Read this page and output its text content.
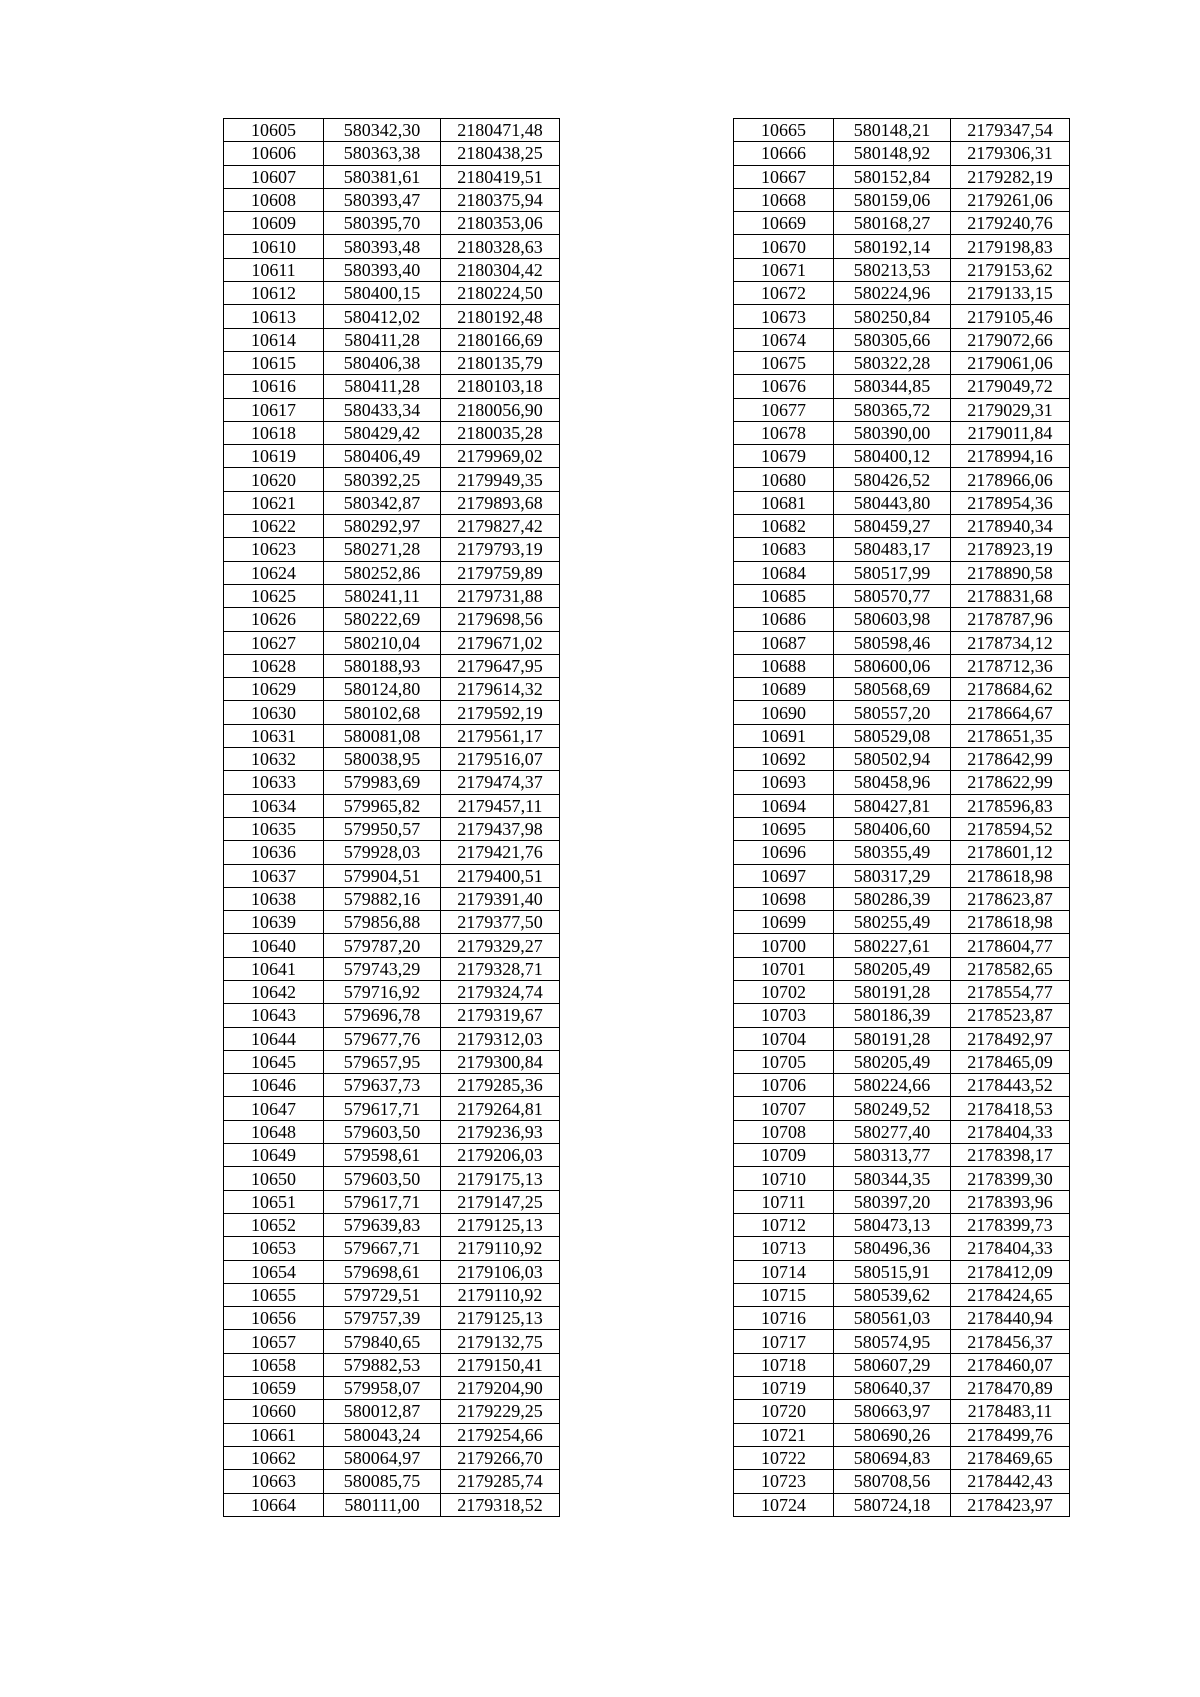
10605	580342,30	2180471,48
10606	580363,38	2180438,25
10607	580381,61	2180419,51
10608	580393,47	2180375,94
10609	580395,70	2180353,06
10610	580393,48	2180328,63
10611	580393,40	2180304,42
10612	580400,15	2180224,50
10613	580412,02	2180192,48
10614	580411,28	2180166,69
10615	580406,38	2180135,79
10616	580411,28	2180103,18
10617	580433,34	2180056,90
10618	580429,42	2180035,28
10619	580406,49	2179969,02
10620	580392,25	2179949,35
10621	580342,87	2179893,68
10622	580292,97	2179827,42
10623	580271,28	2179793,19
10624	580252,86	2179759,89
10625	580241,11	2179731,88
10626	580222,69	2179698,56
10627	580210,04	2179671,02
10628	580188,93	2179647,95
10629	580124,80	2179614,32
10630	580102,68	2179592,19
10631	580081,08	2179561,17
10632	580038,95	2179516,07
10633	579983,69	2179474,37
10634	579965,82	2179457,11
10635	579950,57	2179437,98
10636	579928,03	2179421,76
10637	579904,51	2179400,51
10638	579882,16	2179391,40
10639	579856,88	2179377,50
10640	579787,20	2179329,27
10641	579743,29	2179328,71
10642	579716,92	2179324,74
10643	579696,78	2179319,67
10644	579677,76	2179312,03
10645	579657,95	2179300,84
10646	579637,73	2179285,36
10647	579617,71	2179264,81
10648	579603,50	2179236,93
10649	579598,61	2179206,03
10650	579603,50	2179175,13
10651	579617,71	2179147,25
10652	579639,83	2179125,13
10653	579667,71	2179110,92
10654	579698,61	2179106,03
10655	579729,51	2179110,92
10656	579757,39	2179125,13
10657	579840,65	2179132,75
10658	579882,53	2179150,41
10659	579958,07	2179204,90
10660	580012,87	2179229,25
10661	580043,24	2179254,66
10662	580064,97	2179266,70
10663	580085,75	2179285,74
10664	580111,00	2179318,52
10665	580148,21	2179347,54
10666	580148,92	2179306,31
10667	580152,84	2179282,19
10668	580159,06	2179261,06
10669	580168,27	2179240,76
10670	580192,14	2179198,83
10671	580213,53	2179153,62
10672	580224,96	2179133,15
10673	580250,84	2179105,46
10674	580305,66	2179072,66
10675	580322,28	2179061,06
10676	580344,85	2179049,72
10677	580365,72	2179029,31
10678	580390,00	2179011,84
10679	580400,12	2178994,16
10680	580426,52	2178966,06
10681	580443,80	2178954,36
10682	580459,27	2178940,34
10683	580483,17	2178923,19
10684	580517,99	2178890,58
10685	580570,77	2178831,68
10686	580603,98	2178787,96
10687	580598,46	2178734,12
10688	580600,06	2178712,36
10689	580568,69	2178684,62
10690	580557,20	2178664,67
10691	580529,08	2178651,35
10692	580502,94	2178642,99
10693	580458,96	2178622,99
10694	580427,81	2178596,83
10695	580406,60	2178594,52
10696	580355,49	2178601,12
10697	580317,29	2178618,98
10698	580286,39	2178623,87
10699	580255,49	2178618,98
10700	580227,61	2178604,77
10701	580205,49	2178582,65
10702	580191,28	2178554,77
10703	580186,39	2178523,87
10704	580191,28	2178492,97
10705	580205,49	2178465,09
10706	580224,66	2178443,52
10707	580249,52	2178418,53
10708	580277,40	2178404,33
10709	580313,77	2178398,17
10710	580344,35	2178399,30
10711	580397,20	2178393,96
10712	580473,13	2178399,73
10713	580496,36	2178404,33
10714	580515,91	2178412,09
10715	580539,62	2178424,65
10716	580561,03	2178440,94
10717	580574,95	2178456,37
10718	580607,29	2178460,07
10719	580640,37	2178470,89
10720	580663,97	2178483,11
10721	580690,26	2178499,76
10722	580694,83	2178469,65
10723	580708,56	2178442,43
10724	580724,18	2178423,97
